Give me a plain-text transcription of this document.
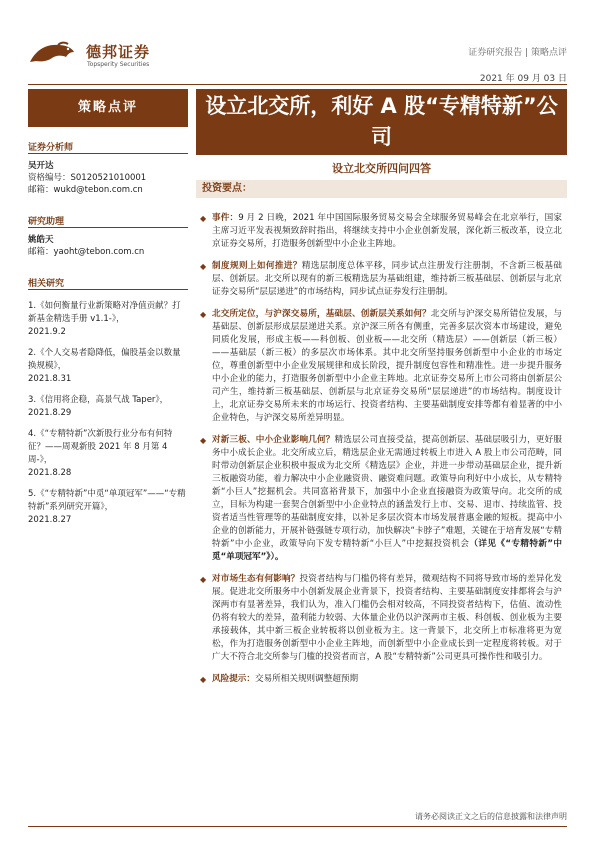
德邦证券
Topsperity Securities
证券研究报告 | 策略点评
2021 年 09 月 03 日
策略点评	设立北交所，利好 A 股“专精特新”公司
设立北交所四问四答
证券分析师
吴开达
资格编号：S0120521010001
邮箱：wukd@tebon.com.cn
研究助理
姚皓天
邮箱：yaoht@tebon.com.cn
相关研究
1.《如何衡量行业新策略对净值贡献？打新基金精选手册 v1.1-》，
2021.9.2
2.《个人交易者隐降低，偏股基金以数量换规模》，
2021.8.31
3.《信用将企稳，高景气战 Taper》，
2021.8.29
4.《“专精特新”次新股行业分布有何特征？——周观新股 2021 年 8 月第 4 周-》，
2021.8.28
5.《“专精特新”中觅“单项冠军”——“专精特新”系列研究开篇》，
2021.8.27
投资要点：
◆ 事件：9 月 2 日晚，2021 年中国国际服务贸易交易会全球服务贸易峰会在北京举行，国家主席习近平发表视频致辞时指出，将继续支持中小企业创新发展，深化新三板改革，设立北京证券交易所，打造服务创新型中小企业主阵地。
◆ 制度规则上如何推进？精选层制度总体平移，同步试点注册发行注册制，不含新三板基础层、创新层。北交所以现有的新三板精选层为基础组建，维持新三板基础层、创新层与北京证券交易所“层层递进”的市场结构，同步试点证券发行注册制。
◆ 北交所定位，与沪深交易所，基础层、创新层关系如何？北交所与沪深交易所错位发展，与基础层、创新层形成层层递进关系。京沪深三所各有侧重，完善多层次资本市场建设，避免同质化发展，形成主板——科创板、创业板——北交所（精选层）——创新层（新三板）——基础层（新三板）的多层次市场体系。其中北交所坚持服务创新型中小企业的市场定位，尊重创新型中小企业发展规律和成长阶段，提升制度包容性和精准性。进一步提升服务中小企业的能力，打造服务创新型中小企业主阵地。北京证券交易所上市公司将由创新层公司产生，维持新三板基础层、创新层与北京证券交易所“层层递进”的市场结构。制度设计上，北京证券交易所未来的市场运行、投资者结构、主要基础制度安排等都有着显著的中小企业特色，与沪深交易所差异明显。
◆ 对新三板、中小企业影响几何？精选层公司直接受益，提高创新层、基础层吸引力，更好服务中小成长企业。北交所成立后，精选层企业无需通过转板上市进入 A 股上市公司范畴，同时带动创新层企业积极申报成为北交所《精选层》企业，并进一步带动基础层企业，提升新三板融资功能，着力解决中小企业融资贵、融资难问题。政策导向利好中小成长，从专精特新“小巨人”挖掘机会。共同富裕背景下，加强中小企业直接融资为政策导向。北交所的成立，目标为构建一套契合创新型中小企业特点的涵盖发行上市、交易、退市、持续监管、投资者适当性管理等的基础制度安排，以补足多层次资本市场发展普惠金融的短板。提高中小企业的创新能力，开展补链强链专项行动，加快解决“卡脖子”难题，关键在于培育发展“专精特新”中小企业，政策导向下发专精特新“小巨人”中挖掘投资机会（详见《“专精特新”中觅“单项冠军”》）。
◆ 对市场生态有何影响？投资者结构与门槛仍将有差异，微观结构不同将导致市场的差异化发展。促进北交所服务中小创新发展企业背景下，投资者结构、主要基础制度安排都将会与沪深两市有显著差异，我们认为，准入门槛仍会相对较高，不同投资者结构下，估值、流动性仍将有较大的差异，盈利能力较弱、大体量企业仍以沪深两市主板、科创板、创业板为主要承接载体，其中新三板企业转板将以创业板为主。这一背景下，北交所上市标准将更为宽松，作为打造服务创新型中小企业主阵地，而创新型中小企业成长到一定程度将转板。对于广大不符合北交所参与门槛的投资者而言，A 股“专精特新”公司更具可操作性和吸引力。
◆ 风险提示：交易所相关规则调整超预期
请务必阅读正文之后的信息披露和法律声明
